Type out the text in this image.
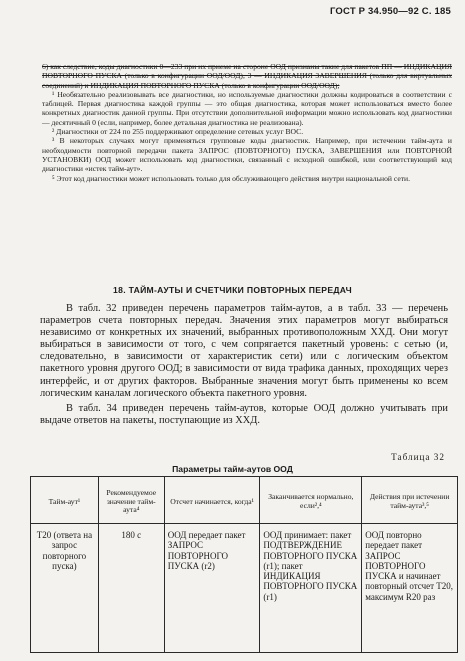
ГОСТ Р 34.950—92 С. 185

6) как следствие, коды диагностики 0—233 при их приеме на стороне ООД признаны такие для пакетов ПП — ИНДИКАЦИЯ ПОВТОРНОГО ПУСКА (только в конфигурации ООД/ООД), 3 — ИНДИКАЦИЯ ЗАВЕРШЕНИЯ (только для виртуальных соединений) и ИНДИКАЦИЯ ПОВТОРНОГО ПУСКА (только в конфигурации ООД/ООД);

¹ Необязательно реализовывать все диагностики, но используемые диагностики должны кодироваться в соответствии с таблицей. Первая диагностика каждой группы — это общая диагностика, которая может использоваться вместо более конкретных диагностик данной группы. При отсутствии дополнительной информации можно использовать код диагностики — десятичный 0 (если, например, более детальная диагностика не реализована).

² Диагностики от 224 по 255 поддерживают определение сетевых услуг ВОС.

³ В некоторых случаях могут применяться групповые коды диагностик. Например, при истечении тайм-аута и необходимости повторной передачи пакета ЗАПРОС (ПОВТОРНОГО) ПУСКА, ЗАВЕРШЕНИЯ или ПОВТОРНОЙ УСТАНОВКИ) ООД может использовать код диагностики, связанный с исходной ошибкой, или соответствующий код диагностики «истек тайм-аут».

⁵ Этот код диагностики может использовать только для обслуживающего действия внутри национальной сети.

18. ТАЙМ-АУТЫ И СЧЕТЧИКИ ПОВТОРНЫХ ПЕРЕДАЧ

В табл. 32 приведен перечень параметров тайм-аутов, а в табл. 33 — перечень параметров счета повторных передач. Значения этих параметров могут выбираться независимо от конкретных их значений, выбранных противоположным ХХД. Они могут выбираться в зависимости от того, с чем сопрягается пакетный уровень: с сетью (и, следовательно, в зависимости от характеристик сети) или с логическим объектом пакетного уровня другого ООД; в зависимости от вида трафика данных, проходящих через интерфейс, и от других факторов. Выбранные значения могут быть применены ко всем логическим каналам логического объекта пакетного уровня.

В табл. 34 приведен перечень тайм-аутов, которые ООД должно учитывать при выдаче ответов на пакеты, поступающие из ХХД.

Таблица 32
Параметры тайм-аутов ООД
Тайм-аут¹	Рекомендуемое значение тайм-аута⁴	Отсчет начинается, когда¹	Заканчивается нормально, если²,⁴	Действия при истечении тайм-аута³,⁵
Т20 (ответа на запрос повторного пуска)	180 с	ООД передает пакет ЗАПРОС ПОВТОРНОГО ПУСКА (r2)	ООД принимает: пакет ПОДТВЕРЖДЕНИЕ ПОВТОРНОГО ПУСКА (r1); пакет ИНДИКАЦИЯ ПОВТОРНОГО ПУСКА (r1)	ООД повторно передает пакет ЗАПРОС ПОВТОРНОГО ПУСКА и начинает повторный отсчет Т20, максимум R20 раз
